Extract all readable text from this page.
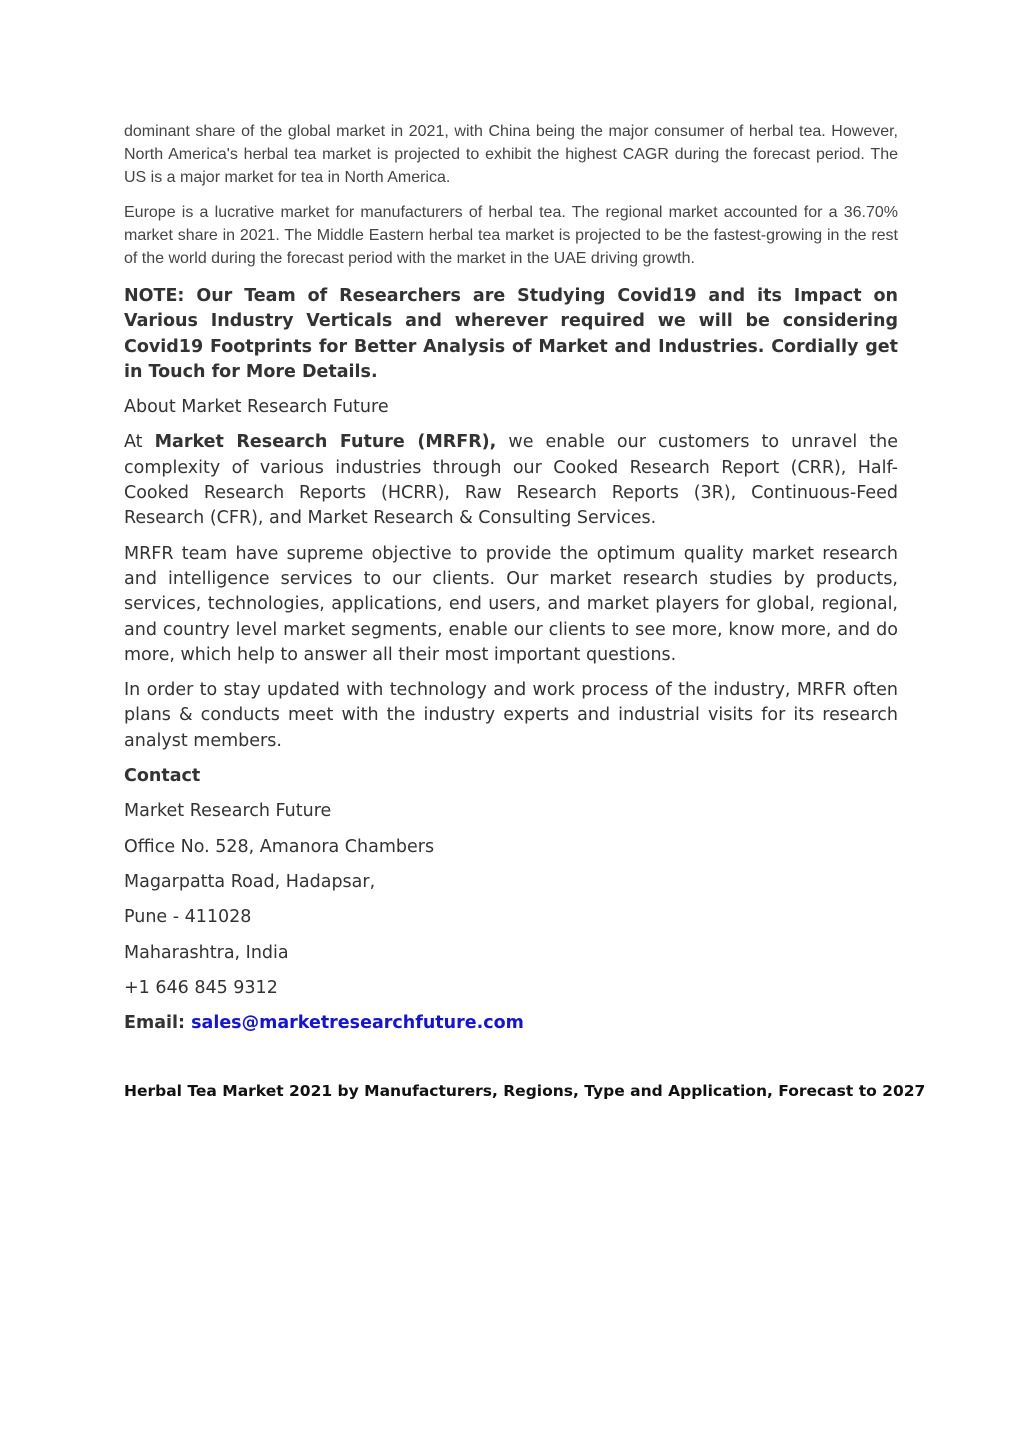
dominant share of the global market in 2021, with China being the major consumer of herbal tea. However, North America's herbal tea market is projected to exhibit the highest CAGR during the forecast period. The US is a major market for tea in North America.

Europe is a lucrative market for manufacturers of herbal tea. The regional market accounted for a 36.70% market share in 2021. The Middle Eastern herbal tea market is projected to be the fastest-growing in the rest of the world during the forecast period with the market in the UAE driving growth.

NOTE: Our Team of Researchers are Studying Covid19 and its Impact on Various Industry Verticals and wherever required we will be considering Covid19 Footprints for Better Analysis of Market and Industries. Cordially get in Touch for More Details.

About Market Research Future

At Market Research Future (MRFR), we enable our customers to unravel the complexity of various industries through our Cooked Research Report (CRR), Half-Cooked Research Reports (HCRR), Raw Research Reports (3R), Continuous-Feed Research (CFR), and Market Research & Consulting Services.

MRFR team have supreme objective to provide the optimum quality market research and intelligence services to our clients. Our market research studies by products, services, technologies, applications, end users, and market players for global, regional, and country level market segments, enable our clients to see more, know more, and do more, which help to answer all their most important questions.

In order to stay updated with technology and work process of the industry, MRFR often plans & conducts meet with the industry experts and industrial visits for its research analyst members.

Contact

Market Research Future

Office No. 528, Amanora Chambers

Magarpatta Road, Hadapsar,

Pune - 411028

Maharashtra, India

+1 646 845 9312

Email: sales@marketresearchfuture.com

Herbal Tea Market 2021 by Manufacturers, Regions, Type and Application, Forecast to 2027
